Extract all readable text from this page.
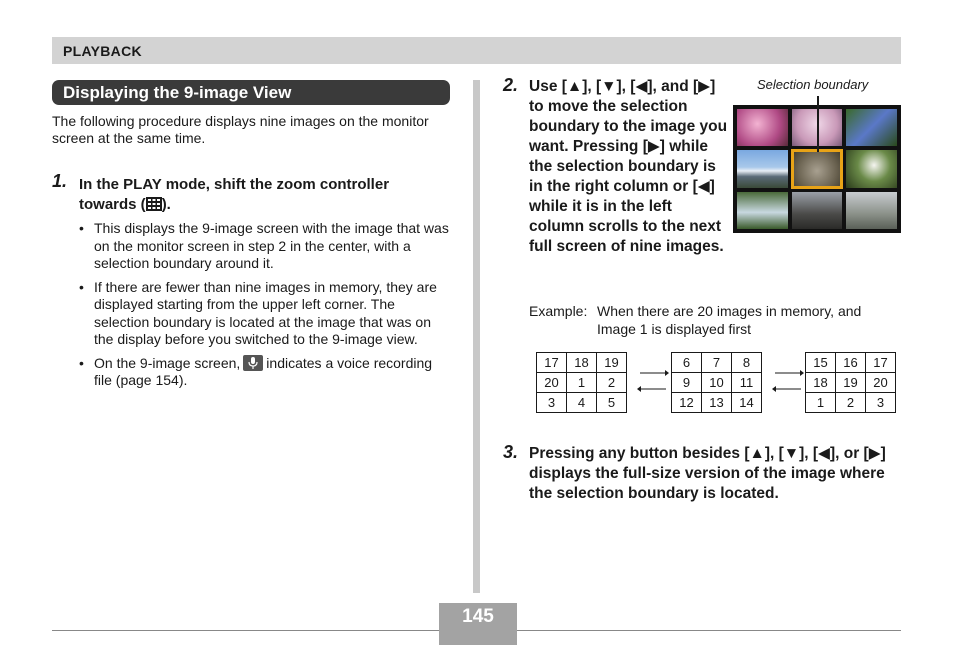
PLAYBACK
Displaying the 9-image View
The following procedure displays nine images on the monitor screen at the same time.
1. In the PLAY mode, shift the zoom controller towards ( ).
• This displays the 9-image screen with the image that was on the monitor screen in step 2 in the center, with a selection boundary around it.
• If there are fewer than nine images in memory, they are displayed starting from the upper left corner. The selection boundary is located at the image that was on the display before you switched to the 9-image view.
• On the 9-image screen, indicates a voice recording file (page 154).
2. Use [▲], [▼], [◀], and [▶] to move the selection boundary to the image you want. Pressing [▶] while the selection boundary is in the right column or [◀] while it is in the left column scrolls to the next full screen of nine images.
Selection boundary
Example: When there are 20 images in memory, and Image 1 is displayed first
17	18	19
20	1	2
3	4	5
6	7	8
9	10	11
12	13	14
15	16	17
18	19	20
1	2	3
3. Pressing any button besides [▲], [▼], [◀], or [▶] displays the full-size version of the image where the selection boundary is located.
145
